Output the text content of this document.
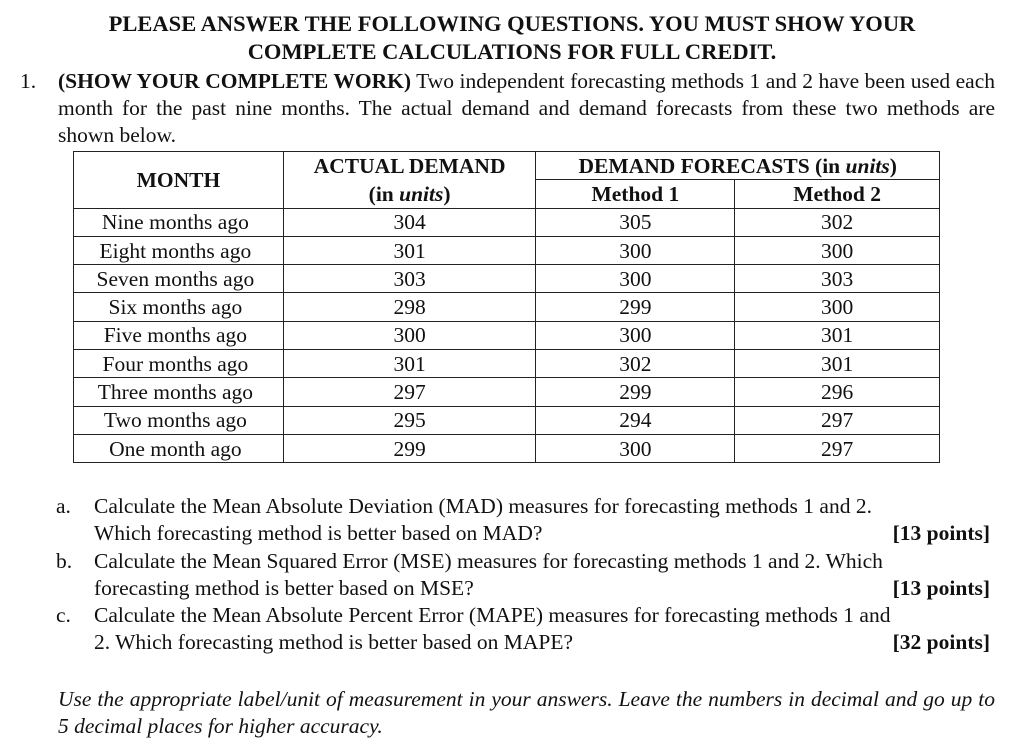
PLEASE ANSWER THE FOLLOWING QUESTIONS. YOU MUST SHOW YOUR
COMPLETE CALCULATIONS FOR FULL CREDIT.
1. (SHOW YOUR COMPLETE WORK) Two independent forecasting methods 1 and 2 have been used each month for the past nine months. The actual demand and demand forecasts from these two methods are shown below.
MONTH	ACTUAL DEMAND	DEMAND FORECASTS (in units)	
	(in units)	Method 1	Method 2
Nine months ago	304	305	302
Eight months ago	301	300	300
Seven months ago	303	300	303
Six months ago	298	299	300
Five months ago	300	300	301
Four months ago	301	302	301
Three months ago	297	299	296
Two months ago	295	294	297
One month ago	299	300	297
a. Calculate the Mean Absolute Deviation (MAD) measures for forecasting methods 1 and 2.
Which forecasting method is better based on MAD?	[13 points]
b. Calculate the Mean Squared Error (MSE) measures for forecasting methods 1 and 2. Which
forecasting method is better based on MSE?	[13 points]
c. Calculate the Mean Absolute Percent Error (MAPE) measures for forecasting methods 1 and
2. Which forecasting method is better based on MAPE?	[32 points]
Use the appropriate label/unit of measurement in your answers. Leave the numbers in decimal and go up to 5 decimal places for higher accuracy.
